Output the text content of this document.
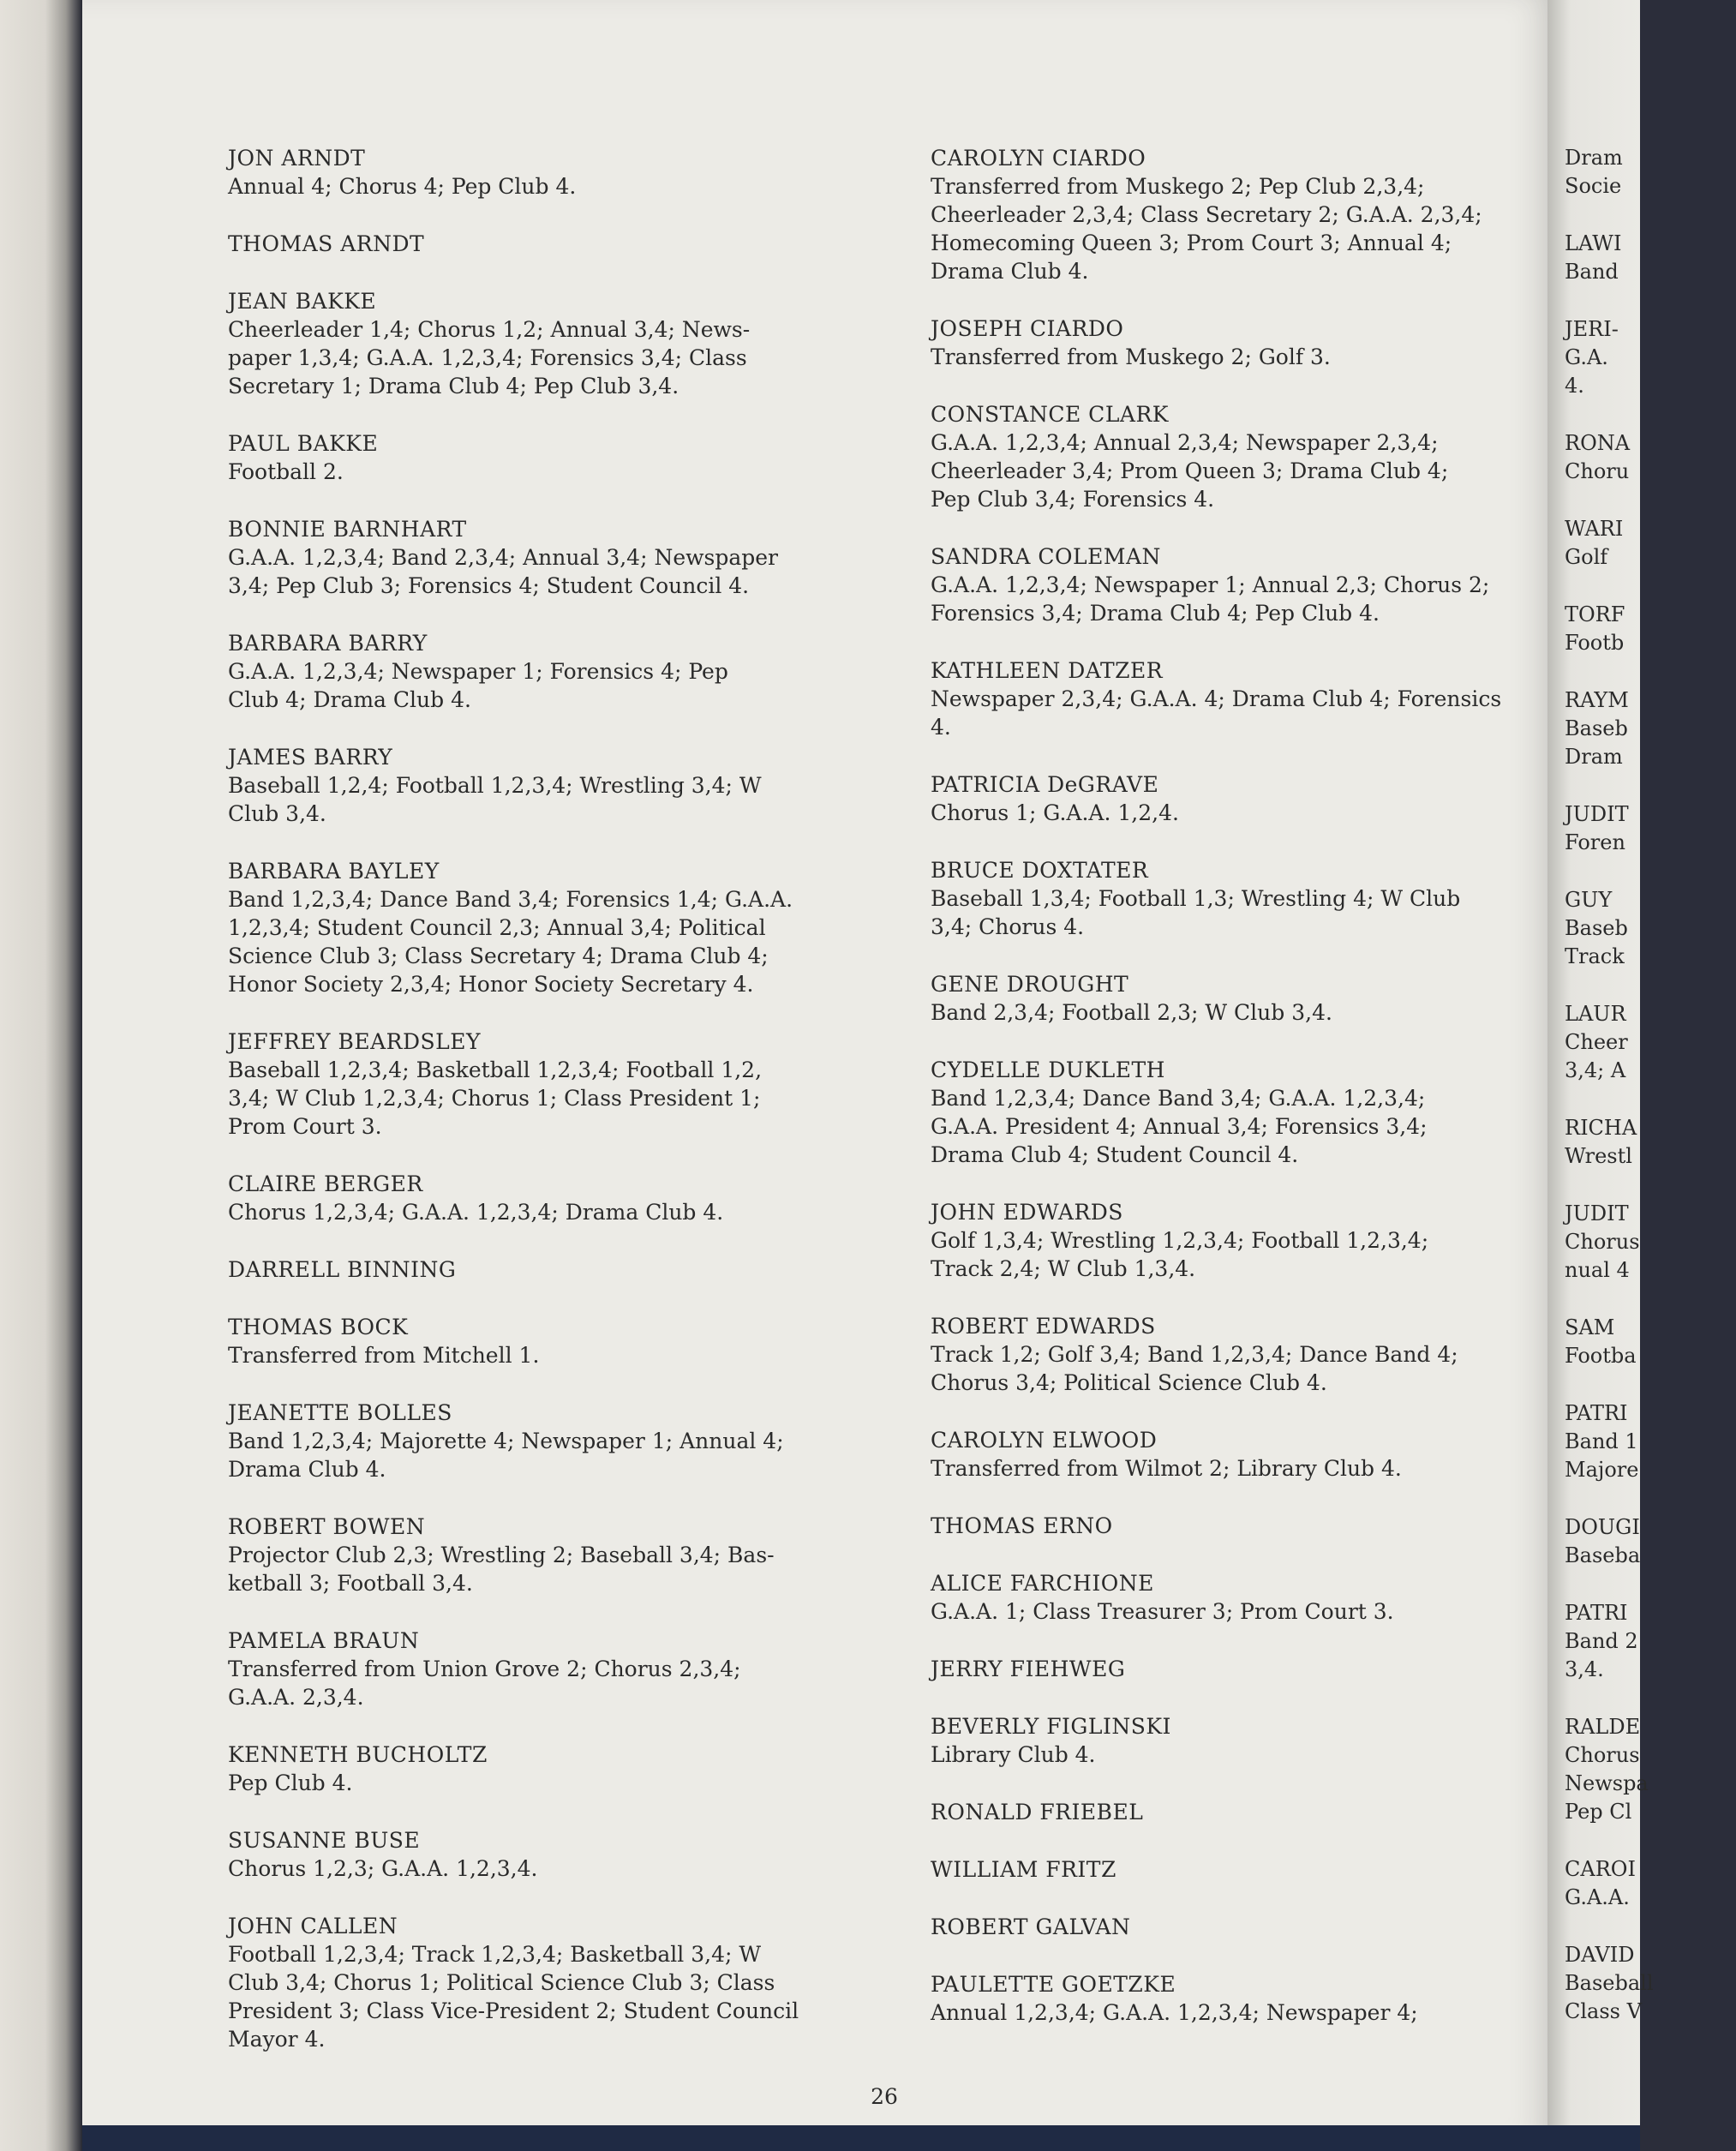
JON ARNDT
Annual 4; Chorus 4; Pep Club 4.
THOMAS ARNDT
JEAN BAKKE
Cheerleader 1,4; Chorus 1,2; Annual 3,4; News-
paper 1,3,4; G.A.A. 1,2,3,4; Forensics 3,4; Class
Secretary 1; Drama Club 4; Pep Club 3,4.
PAUL BAKKE
Football 2.
BONNIE BARNHART
G.A.A. 1,2,3,4; Band 2,3,4; Annual 3,4; Newspaper
3,4; Pep Club 3; Forensics 4; Student Council 4.
BARBARA BARRY
G.A.A. 1,2,3,4; Newspaper 1; Forensics 4; Pep
Club 4; Drama Club 4.
JAMES BARRY
Baseball 1,2,4; Football 1,2,3,4; Wrestling 3,4; W
Club 3,4.
BARBARA BAYLEY
Band 1,2,3,4; Dance Band 3,4; Forensics 1,4; G.A.A.
1,2,3,4; Student Council 2,3; Annual 3,4; Political
Science Club 3; Class Secretary 4; Drama Club 4;
Honor Society 2,3,4; Honor Society Secretary 4.
JEFFREY BEARDSLEY
Baseball 1,2,3,4; Basketball 1,2,3,4; Football 1,2,
3,4; W Club 1,2,3,4; Chorus 1; Class President 1;
Prom Court 3.
CLAIRE BERGER
Chorus 1,2,3,4; G.A.A. 1,2,3,4; Drama Club 4.
DARRELL BINNING
THOMAS BOCK
Transferred from Mitchell 1.
JEANETTE BOLLES
Band 1,2,3,4; Majorette 4; Newspaper 1; Annual 4;
Drama Club 4.
ROBERT BOWEN
Projector Club 2,3; Wrestling 2; Baseball 3,4; Bas-
ketball 3; Football 3,4.
PAMELA BRAUN
Transferred from Union Grove 2; Chorus 2,3,4;
G.A.A. 2,3,4.
KENNETH BUCHOLTZ
Pep Club 4.
SUSANNE BUSE
Chorus 1,2,3; G.A.A. 1,2,3,4.
JOHN CALLEN
Football 1,2,3,4; Track 1,2,3,4; Basketball 3,4; W
Club 3,4; Chorus 1; Political Science Club 3; Class
President 3; Class Vice-President 2; Student Council
Mayor 4.
CAROLYN CIARDO
Transferred from Muskego 2; Pep Club 2,3,4;
Cheerleader 2,3,4; Class Secretary 2; G.A.A. 2,3,4;
Homecoming Queen 3; Prom Court 3; Annual 4;
Drama Club 4.
JOSEPH CIARDO
Transferred from Muskego 2; Golf 3.
CONSTANCE CLARK
G.A.A. 1,2,3,4; Annual 2,3,4; Newspaper 2,3,4;
Cheerleader 3,4; Prom Queen 3; Drama Club 4;
Pep Club 3,4; Forensics 4.
SANDRA COLEMAN
G.A.A. 1,2,3,4; Newspaper 1; Annual 2,3; Chorus 2;
Forensics 3,4; Drama Club 4; Pep Club 4.
KATHLEEN DATZER
Newspaper 2,3,4; G.A.A. 4; Drama Club 4; Forensics
4.
PATRICIA DeGRAVE
Chorus 1; G.A.A. 1,2,4.
BRUCE DOXTATER
Baseball 1,3,4; Football 1,3; Wrestling 4; W Club
3,4; Chorus 4.
GENE DROUGHT
Band 2,3,4; Football 2,3; W Club 3,4.
CYDELLE DUKLETH
Band 1,2,3,4; Dance Band 3,4; G.A.A. 1,2,3,4;
G.A.A. President 4; Annual 3,4; Forensics 3,4;
Drama Club 4; Student Council 4.
JOHN EDWARDS
Golf 1,3,4; Wrestling 1,2,3,4; Football 1,2,3,4;
Track 2,4; W Club 1,3,4.
ROBERT EDWARDS
Track 1,2; Golf 3,4; Band 1,2,3,4; Dance Band 4;
Chorus 3,4; Political Science Club 4.
CAROLYN ELWOOD
Transferred from Wilmot 2; Library Club 4.
THOMAS ERNO
ALICE FARCHIONE
G.A.A. 1; Class Treasurer 3; Prom Court 3.
JERRY FIEHWEG
BEVERLY FIGLINSKI
Library Club 4.
RONALD FRIEBEL
WILLIAM FRITZ
ROBERT GALVAN
PAULETTE GOETZKE
Annual 1,2,3,4; G.A.A. 1,2,3,4; Newspaper 4;
Dram
Socie
LAWI
Band
JERI-
G.A.
4.
RONA
Choru
WARI
Golf
TORF
Footb
RAYM
Baseb
Dram
JUDIT
Foren
GUY
Baseb
Track
LAUR
Cheer
3,4; A
RICHA
Wrestl
JUDIT
Chorus
nual 4
SAM
Footba
PATRI
Band 1
Majore
DOUGI
Baseba
PATRI
Band 2
3,4.
RALDE
Chorus
Newspa
Pep Cl
CAROI
G.A.A.
DAVID
Baseball
Class V
26
